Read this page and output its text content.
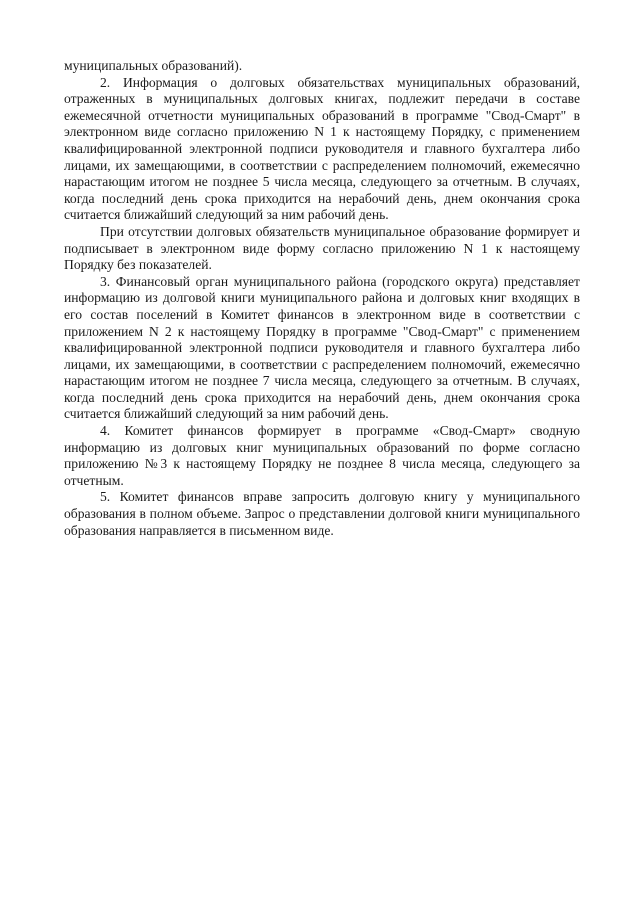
муниципальных образований).

2. Информация о долговых обязательствах муниципальных образований, отраженных в муниципальных долговых книгах, подлежит передачи в составе ежемесячной отчетности муниципальных образований в программе "Свод-Смарт" в электронном виде согласно приложению N 1 к настоящему Порядку, с применением квалифицированной электронной подписи руководителя и главного бухгалтера либо лицами, их замещающими, в соответствии с распределением полномочий, ежемесячно нарастающим итогом не позднее 5 числа месяца, следующего за отчетным. В случаях, когда последний день срока приходится на нерабочий день, днем окончания срока считается ближайший следующий за ним рабочий день.

При отсутствии долговых обязательств муниципальное образование формирует и подписывает в электронном виде форму согласно приложению N 1 к настоящему Порядку без показателей.

3. Финансовый орган муниципального района (городского округа) представляет информацию из долговой книги муниципального района и долговых книг входящих в его состав поселений в Комитет финансов в электронном виде в соответствии с приложением N 2 к настоящему Порядку в программе "Свод-Смарт" с применением квалифицированной электронной подписи руководителя и главного бухгалтера либо лицами, их замещающими, в соответствии с распределением полномочий, ежемесячно нарастающим итогом не позднее 7 числа месяца, следующего за отчетным. В случаях, когда последний день срока приходится на нерабочий день, днем окончания срока считается ближайший следующий за ним рабочий день.

4. Комитет финансов формирует в программе «Свод-Смарт» сводную информацию из долговых книг муниципальных образований по форме согласно приложению №3 к настоящему Порядку не позднее 8 числа месяца, следующего за отчетным.

5. Комитет финансов вправе запросить долговую книгу у муниципального образования в полном объеме. Запрос о представлении долговой книги муниципального образования направляется в письменном виде.
